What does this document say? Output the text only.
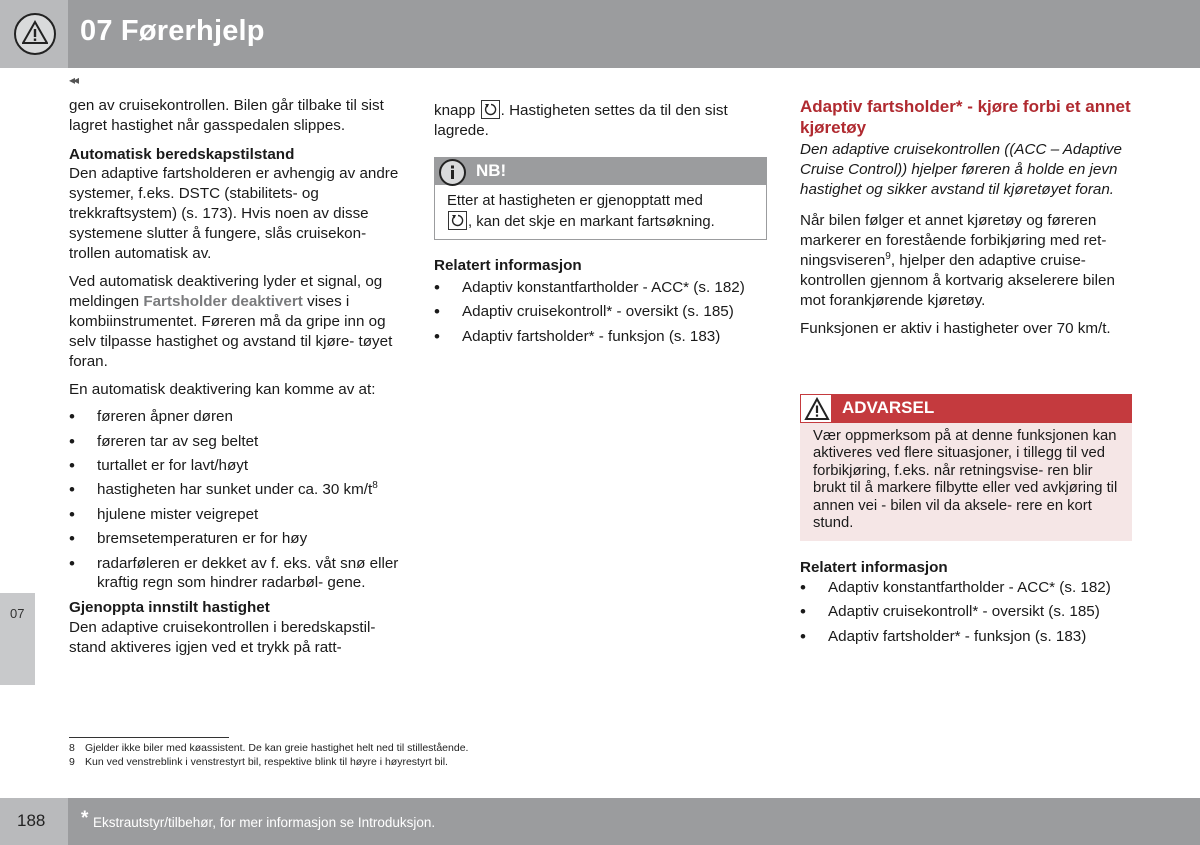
07 Førerhjelp
◂◂
07

gen av cruisekontrollen. Bilen går tilbake til sist lagret hastighet når gasspedalen slippes.

Automatisk beredskapstilstand

Den adaptive fartsholderen er avhengig av andre systemer, f.eks. DSTC (stabilitets- og trekkraftsystem) (s. 173). Hvis noen av disse systemene slutter å fungere, slås cruisekon- trollen automatisk av.

Ved automatisk deaktivering lyder et signal, og meldingen Fartsholder deaktivert vises i kombiinstrumentet. Føreren må da gripe inn og selv tilpasse hastighet og avstand til kjøre- tøyet foran.

En automatisk deaktivering kan komme av at:

• føreren åpner døren
• føreren tar av seg beltet
• turtallet er for lavt/høyt
• hastigheten har sunket under ca. 30 $km/t^8$
• hjulene mister veigrepet
• bremsetemperaturen er for høy
• radarføleren er dekket av f. eks. våt snø eller kraftig regn som hindrer radarbøl- gene.

Gjenoppta innstilt hastighet

Den adaptive cruisekontrollen i beredskapstil- stand aktiveres igjen ved et trykk på ratt-

knapp . Hastigheten settes da til den sist lagrede.

NB!
Etter at hastigheten er gjenopptatt med
, kan det skje en markant fartsøkning.

Relatert informasjon

• Adaptiv konstantfartholder - ACC* (s. 182)
• Adaptiv cruisekontroll* - oversikt (s. 185)
• Adaptiv fartsholder* - funksjon (s. 183)

Adaptiv fartsholder* - kjøre forbi et annet kjøretøy

Den adaptive cruisekontrollen ((ACC – Adaptive Cruise Control)) hjelper føreren å holde en jevn hastighet og sikker avstand til kjøretøyet foran.

Når bilen følger et annet kjøretøy og føreren markerer en forestående forbikjøring med ret- ningsviseren$^9$, hjelper den adaptive cruise- kontrollen gjennom å kortvarig akselerere bilen mot forankjørende kjøretøy.

Funksjonen er aktiv i hastigheter over 70 km/t.

ADVARSEL
Vær oppmerksom på at denne funksjonen kan aktiveres ved flere situasjoner, i tillegg til ved forbikjøring, f.eks. når retningsvise- ren blir brukt til å markere filbytte eller ved avkjøring til annen vei - bilen vil da aksele- rere en kort stund.

Relatert informasjon

• Adaptiv konstantfartholder - ACC* (s. 182)
• Adaptiv cruisekontroll* - oversikt (s. 185)
• Adaptiv fartsholder* - funksjon (s. 183)
8 Gjelder ikke biler med køassistent. De kan greie hastighet helt ned til stillestående.
9 Kun ved venstreblink i venstrestyrt bil, respektive blink til høyre i høyrestyrt bil.
188 * Ekstrautstyr/tilbehør, for mer informasjon se Introduksjon.
